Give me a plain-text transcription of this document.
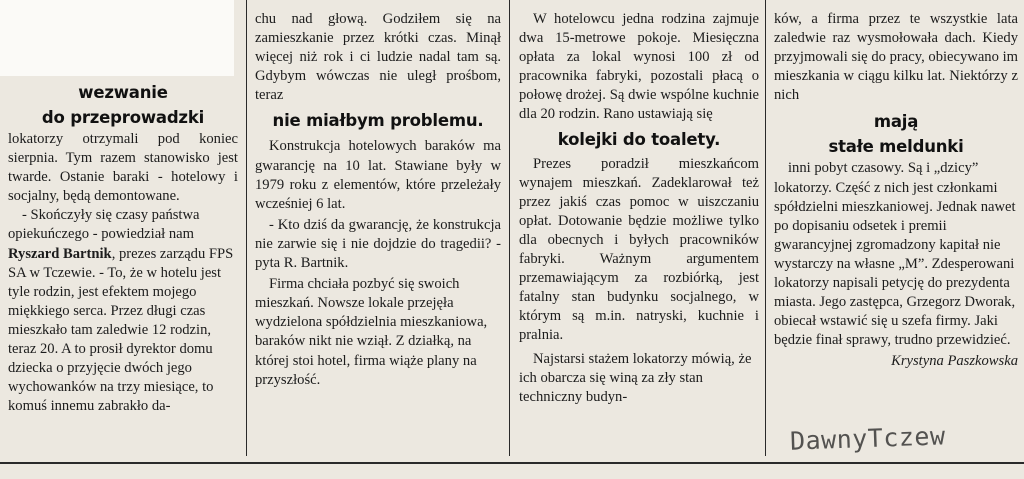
wezwanie
do przeprowadzki

lokatorzy otrzymali pod koniec sierpnia. Tym razem stanowisko jest twarde. Ostanie baraki - hotelowy i socjalny, będą demontowane.

- Skończyły się czasy państwa opiekuńczego - powiedział nam Ryszard Bartnik, prezes zarządu FPS SA w Tczewie. - To, że w hotelu jest tyle rodzin, jest efektem mojego miękkiego serca. Przez długi czas mieszkało tam zaledwie 12 rodzin, teraz 20. A to prosił dyrektor domu dziecka o przyjęcie dwóch jego wychowanków na trzy miesiące, to komuś innemu zabrakło da-

chu nad głową. Godziłem się na zamieszkanie przez krótki czas. Minął więcej niż rok i ci ludzie nadal tam są. Gdybym wówczas nie uległ prośbom, teraz

nie miałbym problemu.

Konstrukcja hotelowych baraków ma gwarancję na 10 lat. Stawiane były w 1979 roku z elementów, które przeleżały wcześniej 6 lat.

- Kto dziś da gwarancję, że konstrukcja nie zarwie się i nie dojdzie do tragedii? - pyta R. Bartnik.

Firma chciała pozbyć się swoich mieszkań. Nowsze lokale przejęła wydzielona spółdzielnia mieszkaniowa, baraków nikt nie wziął. Z działką, na której stoi hotel, firma wiąże plany na przyszłość.

W hotelowcu jedna rodzina zajmuje dwa 15-metrowe pokoje. Miesięczna opłata za lokal wynosi 100 zł od pracownika fabryki, pozostali płacą o połowę drożej. Są dwie wspólne kuchnie dla 20 rodzin. Rano ustawiają się

kolejki do toalety.

Prezes poradził mieszkańcom wynajem mieszkań. Zadeklarował też przez jakiś czas pomoc w uiszczaniu opłat. Dotowanie będzie możliwe tylko dla obecnych i byłych pracowników fabryki. Ważnym argumentem przemawiającym za rozbiórką, jest fatalny stan budynku socjalnego, w którym są m.in. natryski, kuchnie i pralnia.

Najstarsi stażem lokatorzy mówią, że ich obarcza się winą za zły stan techniczny budyn-

ków, a firma przez te wszystkie lata zaledwie raz wysmołowała dach. Kiedy przyjmowali się do pracy, obiecywano im mieszkania w ciągu kilku lat. Niektórzy z nich

mają
stałe meldunki

inni pobyt czasowy. Są i „dzicy” lokatorzy. Część z nich jest członkami spółdzielni mieszkaniowej. Jednak nawet po dopisaniu odsetek i premii gwarancyjnej zgromadzony kapitał nie wystarczy na własne „M”. Zdesperowani lokatorzy napisali petycję do prezydenta miasta. Jego zastępca, Grzegorz Dworak, obiecał wstawić się u szefa firmy. Jaki będzie finał sprawy, trudno przewidzieć.

Krystyna Paszkowska
DawnyTczew
